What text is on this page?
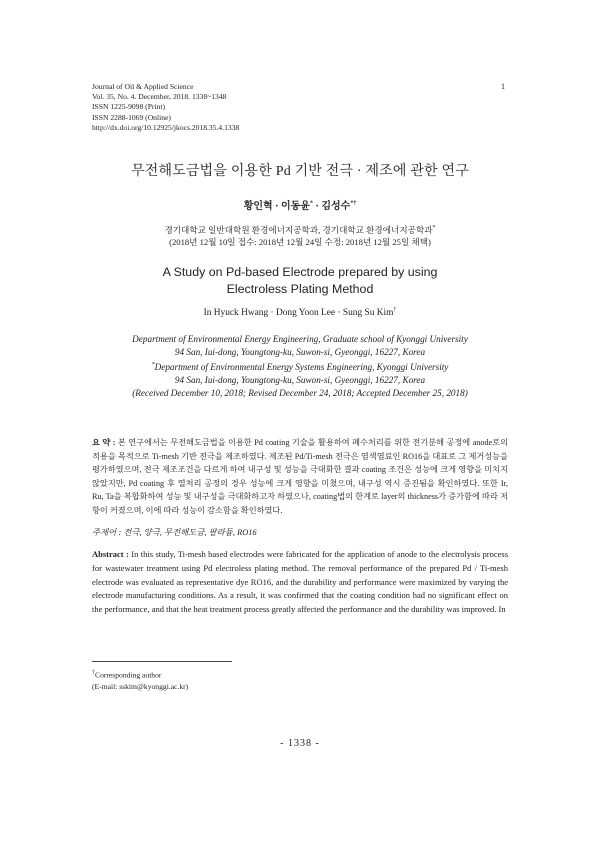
Journal of Oil & Applied Science
Vol. 35, No. 4. December, 2018. 1338~1348
ISSN 1225-9098 (Print)
ISSN 2288-1069 (Online)
http://dx.doi.org/10.12925/jkocs.2018.35.4.1338
1
무전해도금법을 이용한 Pd 기반 전극 · 제조에 관한 연구
황인혁 · 이동윤* · 김성수*†
경기대학교 일반대학원 환경에너지공학과, 경기대학교 환경에너지공학과*
(2018년 12월 10일 접수: 2018년 12월 24일 수정: 2018년 12월 25일 채택)
A Study on Pd-based Electrode prepared by using
Electroless Plating Method
In Hyuck Hwang · Dong Yoon Lee · Sung Su Kim†
Department of Environmental Energy Engineering, Graduate school of Kyonggi University
94 San, Iui-dong, Youngtong-ku, Suwon-si, Gyeonggi, 16227, Korea
*Department of Environmental Energy Systems Engineering, Kyonggi University
94 San, Iui-dong, Youngtong-ku, Suwon-si, Gyeonggi, 16227, Korea
(Received December 10, 2018; Revised December 24, 2018; Accepted December 25, 2018)
요 약 : 본 연구에서는 무전해도금법을 이용한 Pd coating 기술을 활용하여 폐수처리를 위한 전기분해 공정에 anode로의 적용을 목적으로 Ti-mesh 기반 전극을 제조하였다. 제조된 Pd/Ti-mesh 전극은 염색염료인 RO16을 대표로 그 제거성능을 평가하였으며, 전극 제조조건을 다르게 하여 내구성 및 성능을 극대화한 결과 coating 조건은 성능에 크게 영향을 미치지 않았지만, Pd coating 후 열처리 공정의 경우 성능에 크게 영향을 미쳤으며, 내구성 역시 증진됨을 확인하였다. 또한 Ir, Ru, Ta을 복합화하여 성능 및 내구성을 극대화하고자 하였으나, coating법의 한계로 layer의 thickness가 증가함에 따라 저항이 커졌으며, 이에 따라 성능이 감소함을 확인하였다.
주제어 : 전극, 양극, 무전해도금, 팔라듐, RO16
Abstract : In this study, Ti-mesh based electrodes were fabricated for the application of anode to the electrolysis process for wastewater treatment using Pd electroless plating method. The removal performance of the prepared Pd / Ti-mesh electrode was evaluated as representative dye RO16, and the durability and performance were maximized by varying the electrode manufacturing conditions. As a result, it was confirmed that the coating condition had no significant effect on the performance, and that the heat treatment process greatly affected the performance and the durability was improved. In
†Corresponding author
(E-mail: sskim@kyonggi.ac.kr)
- 1338 -
